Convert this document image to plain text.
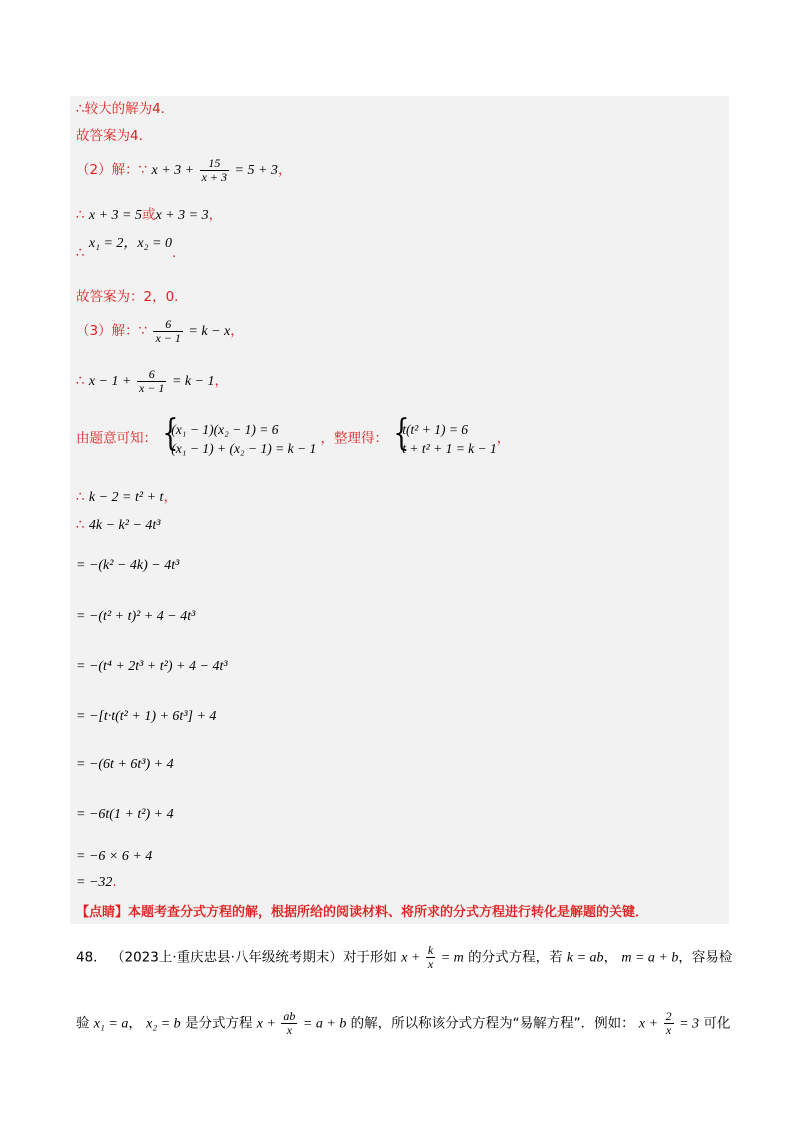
∴较大的解为4．
故答案为4．
（2）解：∵ $x + 3 + \frac{15}{x + 3} = 5 + 3$，
∴ x + 3 = 5或x + 3 = 3，
∴ x₁ = 2，x₂ = 0.
故答案为：2，0．
（3）解：∵ $\frac{6}{x - 1} = k - x$，
∴ $x - 1 + \frac{6}{x - 1} = k - 1$，
由题意可知：
{ (x₁ − 1)(x₂ − 1) = 6
(x₁ − 1) + (x₂ − 1) = k − 1
，整理得：
{ t(t² + 1) = 6
t + t² + 1 = k − 1
，
∴ k − 2 = t² + t，
∴ 4k − k² − 4t³
= −(k² − 4k) − 4t³
= −(t² + t)² + 4 − 4t³
= −(t⁴ + 2t³ + t²) + 4 − 4t³
= −[t·t(t² + 1) + 6t³] + 4
= −(6t + 6t³) + 4
= −6t(1 + t²) + 4
= −6 × 6 + 4
= −32.
【点睛】本题考查分式方程的解，根据所给的阅读材料、将所求的分式方程进行转化是解题的关键．
48． （2023上·重庆忠县·八年级统考期末）对于形如 $x + \frac{k}{x} = m$ 的分式方程，若 k = ab， m = a + b，容易检
验 x₁ = a， x₂ = b 是分式方程 $x + \frac{ab}{x} = a + b$ 的解，所以称该分式方程为“易解方程”．例如： $x + \frac{2}{x} = 3$ 可化
